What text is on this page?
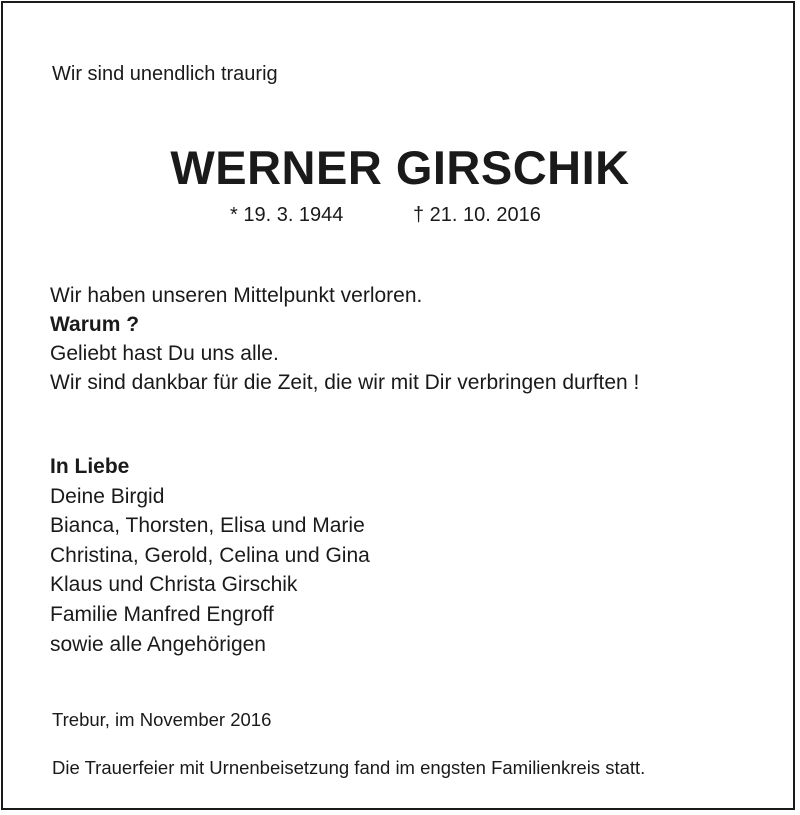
Wir sind unendlich traurig
WERNER GIRSCHIK
* 19. 3. 1944	† 21. 10. 2016
Wir haben unseren Mittelpunkt verloren.
Warum ?
Geliebt hast Du uns alle.
Wir sind dankbar für die Zeit, die wir mit Dir verbringen durften !
In Liebe
Deine Birgid
Bianca, Thorsten, Elisa und Marie
Christina, Gerold, Celina und Gina
Klaus und Christa Girschik
Familie Manfred Engroff
sowie alle Angehörigen
Trebur, im November 2016
Die Trauerfeier mit Urnenbeisetzung fand im engsten Familienkreis statt.
